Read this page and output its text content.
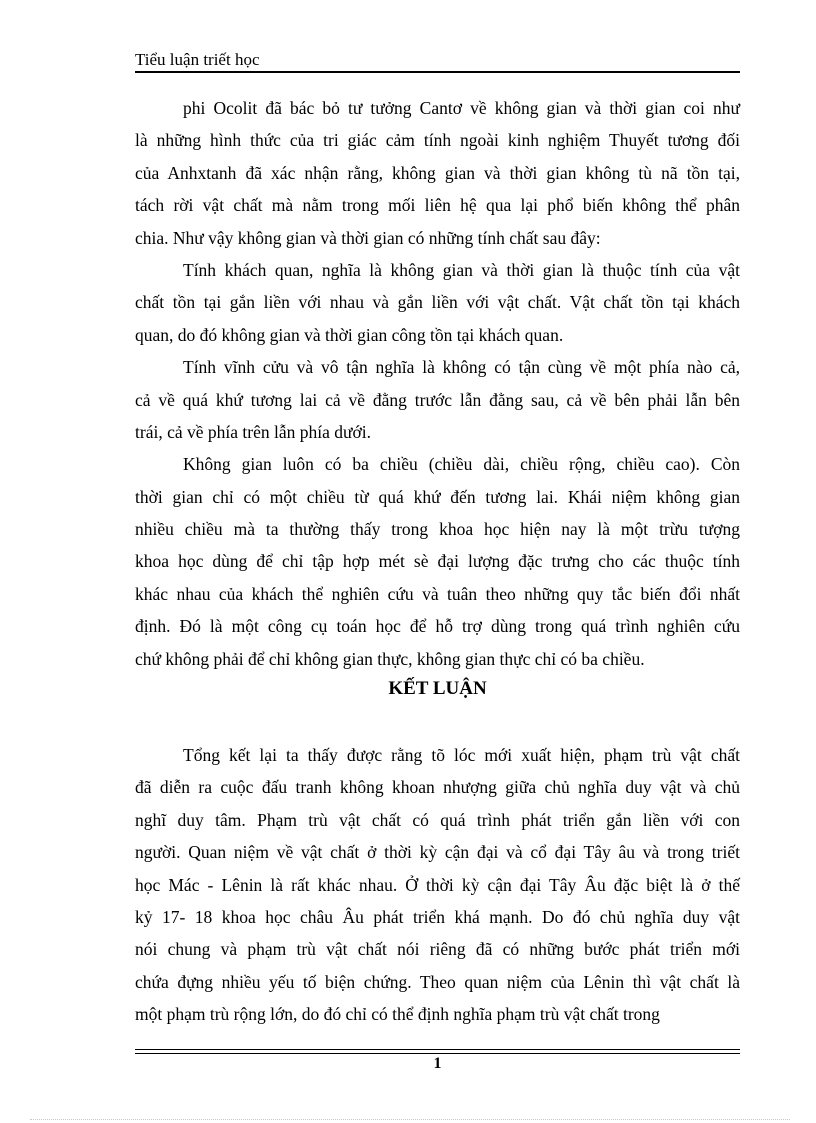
Tiểu luận triết học
phi Ocolit đã bác bỏ tư tưởng Cantơ về không gian và thời gian coi như
là những hình thức của tri giác cảm tính ngoài kinh nghiệm Thuyết tương đối
của Anhxtanh đã xác nhận rằng, không gian và thời gian không tù nã tồn tại,
tách rời vật chất mà nằm trong mối liên hệ qua lại phổ biến không thể phân
chia. Như vậy không gian và thời gian có những tính chất sau đây:
Tính khách quan, nghĩa là không gian và thời gian là thuộc tính của vật
chất tồn tại gắn liền với nhau và gắn liền với vật chất. Vật chất tồn tại khách
quan, do đó không gian và thời gian công tồn tại khách quan.
Tính vĩnh cửu và vô tận nghĩa là không có tận cùng về một phía nào cả,
cả về quá khứ tương lai cả về đằng trước lẫn đằng sau, cả về bên phải lẫn bên
trái, cả về phía trên lẫn phía dưới.
Không gian luôn có ba chiều (chiều dài, chiều rộng, chiều cao). Còn
thời gian chỉ có một chiều từ quá khứ đến tương lai. Khái niệm không gian
nhiều chiều mà ta thường thấy trong khoa học hiện nay là một trừu tượng
khoa học dùng để chỉ tập hợp mét sè đại lượng đặc trưng cho các thuộc tính
khác nhau của khách thể nghiên cứu và tuân theo những quy tắc biến đổi nhất
định. Đó là một công cụ toán học để hỗ trợ dùng trong quá trình nghiên cứu
chứ không phải để chỉ không gian thực, không gian thực chỉ có ba chiều.
KẾT LUẬN
Tổng kết lại ta thấy được rằng tõ lóc mới xuất hiện, phạm trù vật chất
đã diễn ra cuộc đấu tranh không khoan nhượng giữa chủ nghĩa duy vật và chủ
nghĩ duy tâm. Phạm trù vật chất có quá trình phát triển gắn liền với con
người. Quan niệm về vật chất ở thời kỳ cận đại và cổ đại Tây âu và trong triết
học Mác - Lênin là rất khác nhau. Ở thời kỳ cận đại Tây Âu đặc biệt là ở thế
kỷ 17- 18 khoa học châu Âu phát triển khá mạnh. Do đó chủ nghĩa duy vật
nói chung và phạm trù vật chất nói riêng đã có những bước phát triển mới
chứa đựng nhiều yếu tố biện chứng. Theo quan niệm của Lênin thì vật chất là
một phạm trù rộng lớn, do đó chỉ có thể định nghĩa phạm trù vật chất trong
1
